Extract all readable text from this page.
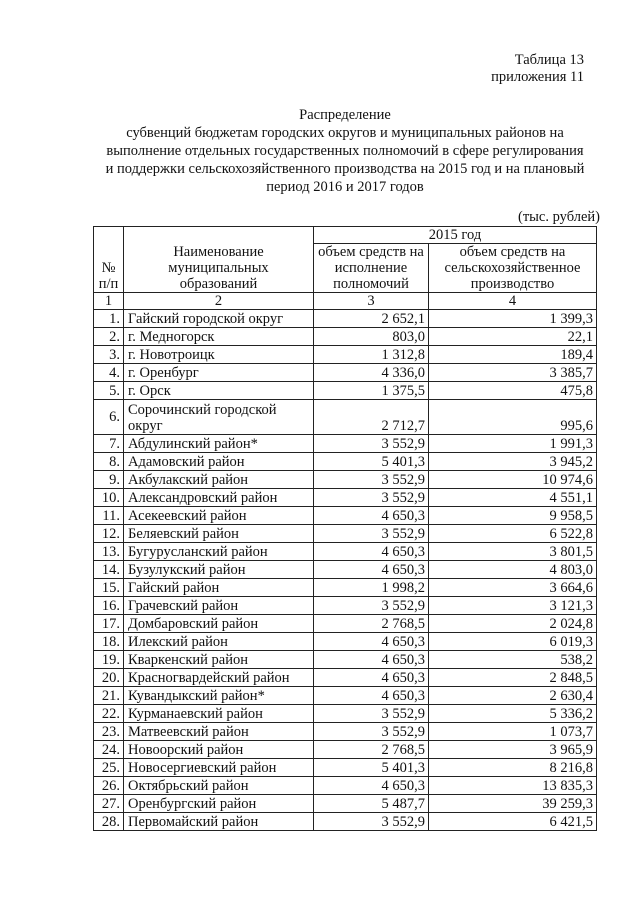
Таблица 13
приложения 11
Распределение
субвенций бюджетам городских округов и муниципальных районов на
выполнение отдельных государственных полномочий в сфере регулирования
и поддержки сельскохозяйственного производства на 2015 год и на плановый
период 2016 и 2017 годов
(тыс. рублей)
№ п/п	Наименование муниципальных образований	2015 год	
		объем средств на исполнение полномочий	объем средств на сельскохозяйственное производство
1	2	3	4
1.	Гайский городской округ	2 652,1	1 399,3
2.	г. Медногорск	803,0	22,1
3.	г. Новотроицк	1 312,8	189,4
4.	г. Оренбург	4 336,0	3 385,7
5.	г. Орск	1 375,5	475,8
6.	Сорочинский городской
округ	2 712,7	995,6
7.	Абдулинский район*	3 552,9	1 991,3
8.	Адамовский район	5 401,3	3 945,2
9.	Акбулакский район	3 552,9	10 974,6
10.	Александровский район	3 552,9	4 551,1
11.	Асекеевский район	4 650,3	9 958,5
12.	Беляевский район	3 552,9	6 522,8
13.	Бугурусланский район	4 650,3	3 801,5
14.	Бузулукский район	4 650,3	4 803,0
15.	Гайский район	1 998,2	3 664,6
16.	Грачевский район	3 552,9	3 121,3
17.	Домбаровский район	2 768,5	2 024,8
18.	Илекский район	4 650,3	6 019,3
19.	Кваркенский район	4 650,3	538,2
20.	Красногвардейский район	4 650,3	2 848,5
21.	Кувандыкский район*	4 650,3	2 630,4
22.	Курманаевский район	3 552,9	5 336,2
23.	Матвеевский район	3 552,9	1 073,7
24.	Новоорский район	2 768,5	3 965,9
25.	Новосергиевский район	5 401,3	8 216,8
26.	Октябрьский район	4 650,3	13 835,3
27.	Оренбургский район	5 487,7	39 259,3
28.	Первомайский район	3 552,9	6 421,5
